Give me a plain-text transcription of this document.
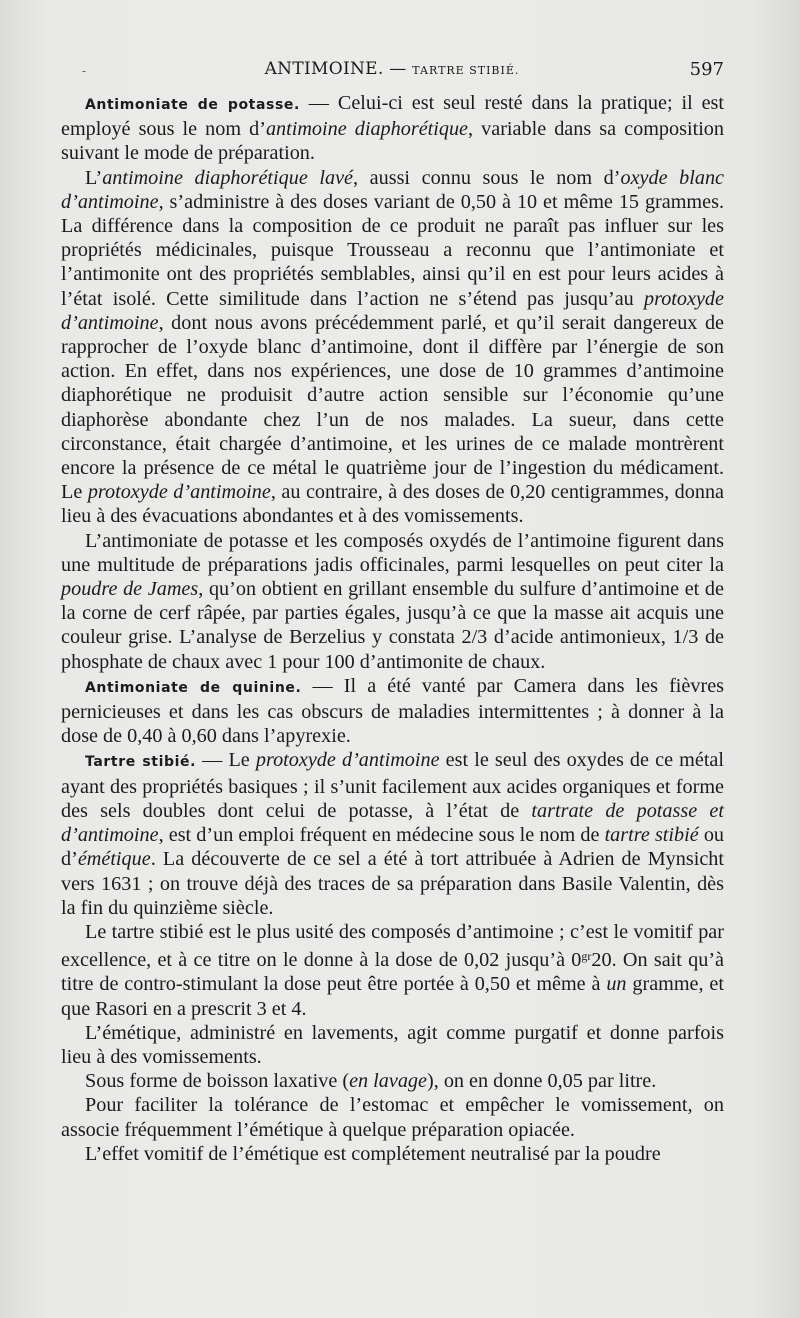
-	ANTIMOINE. — TARTRE STIBIÉ.	597

Antimoniate de potasse. — Celui-ci est seul resté dans la pratique; il est employé sous le nom d’antimoine diaphorétique, variable dans sa composition suivant le mode de préparation.

L’antimoine diaphorétique lavé, aussi connu sous le nom d’oxyde blanc d’antimoine, s’administre à des doses variant de 0,50 à 10 et même 15 grammes. La différence dans la composition de ce produit ne paraît pas influer sur les propriétés médicinales, puisque Trousseau a reconnu que l’antimoniate et l’antimonite ont des propriétés semblables, ainsi qu’il en est pour leurs acides à l’état isolé. Cette similitude dans l’action ne s’étend pas jusqu’au protoxyde d’antimoine, dont nous avons précédemment parlé, et qu’il serait dangereux de rapprocher de l’oxyde blanc d’antimoine, dont il diffère par l’énergie de son action. En effet, dans nos expériences, une dose de 10 grammes d’antimoine diaphorétique ne produisit d’autre action sensible sur l’économie qu’une diaphorèse abondante chez l’un de nos malades. La sueur, dans cette circonstance, était chargée d’antimoine, et les urines de ce malade montrèrent encore la présence de ce métal le quatrième jour de l’ingestion du médicament. Le protoxyde d’antimoine, au contraire, à des doses de 0,20 centigrammes, donna lieu à des évacuations abondantes et à des vomissements.

L’antimoniate de potasse et les composés oxydés de l’antimoine figurent dans une multitude de préparations jadis officinales, parmi lesquelles on peut citer la poudre de James, qu’on obtient en grillant ensemble du sulfure d’antimoine et de la corne de cerf râpée, par parties égales, jusqu’à ce que la masse ait acquis une couleur grise. L’analyse de Berzelius y constata 2/3 d’acide antimonieux, 1/3 de phosphate de chaux avec 1 pour 100 d’antimonite de chaux.

Antimoniate de quinine. — Il a été vanté par Camera dans les fièvres pernicieuses et dans les cas obscurs de maladies intermittentes ; à donner à la dose de 0,40 à 0,60 dans l’apyrexie.

Tartre stibié. — Le protoxyde d’antimoine est le seul des oxydes de ce métal ayant des propriétés basiques ; il s’unit facilement aux acides organiques et forme des sels doubles dont celui de potasse, à l’état de tartrate de potasse et d’antimoine, est d’un emploi fréquent en médecine sous le nom de tartre stibié ou d’émétique. La découverte de ce sel a été à tort attribuée à Adrien de Mynsicht vers 1631 ; on trouve déjà des traces de sa préparation dans Basile Valentin, dès la fin du quinzième siècle.

Le tartre stibié est le plus usité des composés d’antimoine ; c’est le vomitif par excellence, et à ce titre on le donne à la dose de 0,02 jusqu’à $0^{gr}20$. On sait qu’à titre de contro-stimulant la dose peut être portée à 0,50 et même à un gramme, et que Rasori en a prescrit 3 et 4.

L’émétique, administré en lavements, agit comme purgatif et donne parfois lieu à des vomissements.

Sous forme de boisson laxative (en lavage), on en donne 0,05 par litre.

Pour faciliter la tolérance de l’estomac et empêcher le vomissement, on associe fréquemment l’émétique à quelque préparation opiacée.

L’effet vomitif de l’émétique est complétement neutralisé par la poudre
